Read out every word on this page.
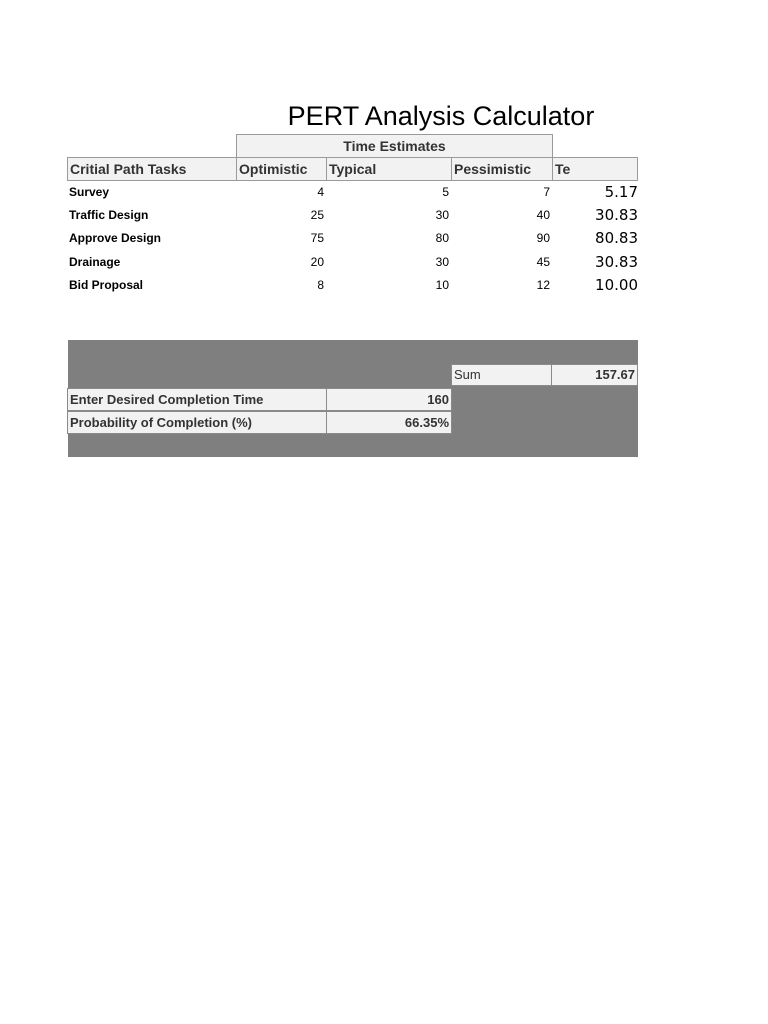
PERT Analysis Calculator
Time Estimates
Critial Path Tasks	Optimistic	Typical	Pessimistic	Te
Survey	4	5	7	5.17
Traffic Design	25	30	40	30.83
Approve Design	75	80	90	80.83
Drainage	20	30	45	30.83
Bid Proposal	8	10	12	10.00
Sum	157.67
Enter Desired Completion Time	160
Probability of Completion (%)	66.35%
